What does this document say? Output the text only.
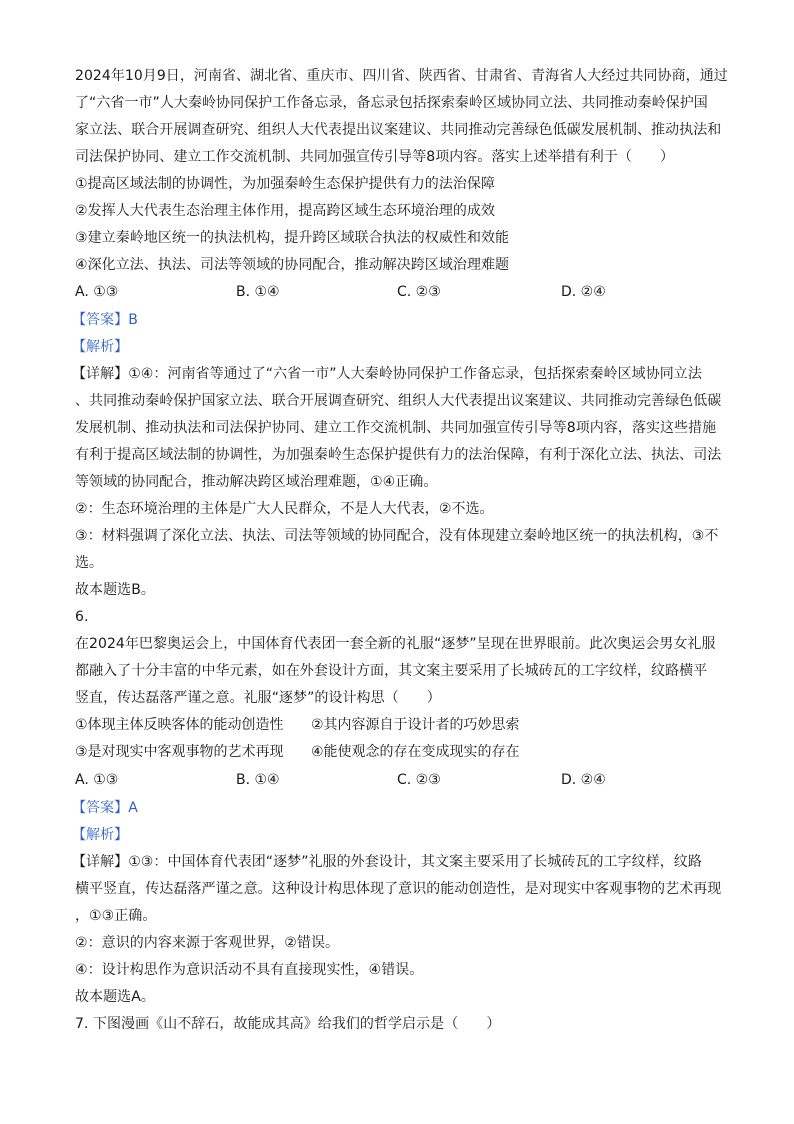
2024年10月9日，河南省、湖北省、重庆市、四川省、陕西省、甘肃省、青海省人大经过共同协商，通过
了“六省一市”人大秦岭协同保护工作备忘录，备忘录包括探索秦岭区域协同立法、共同推动秦岭保护国
家立法、联合开展调查研究、组织人大代表提出议案建议、共同推动完善绿色低碳发展机制、推动执法和
司法保护协同、建立工作交流机制、共同加强宣传引导等8项内容。落实上述举措有利于（　　）
①提高区域法制的协调性，为加强秦岭生态保护提供有力的法治保障
②发挥人大代表生态治理主体作用，提高跨区域生态环境治理的成效
③建立秦岭地区统一的执法机构，提升跨区域联合执法的权威性和效能
④深化立法、执法、司法等领域的协同配合，推动解决跨区域治理难题
A. ①③	B. ①④	C. ②③	D. ②④
【答案】B
【解析】
【详解】①④：河南省等通过了“六省一市”人大秦岭协同保护工作备忘录，包括探索秦岭区域协同立法
、共同推动秦岭保护国家立法、联合开展调查研究、组织人大代表提出议案建议、共同推动完善绿色低碳
发展机制、推动执法和司法保护协同、建立工作交流机制、共同加强宣传引导等8项内容，落实这些措施
有利于提高区域法制的协调性，为加强秦岭生态保护提供有力的法治保障，有利于深化立法、执法、司法
等领域的协同配合，推动解决跨区域治理难题，①④正确。
②：生态环境治理的主体是广大人民群众，不是人大代表，②不选。
③：材料强调了深化立法、执法、司法等领域的协同配合，没有体现建立秦岭地区统一的执法机构，③不
选。
故本题选B。
6.
在2024年巴黎奥运会上，中国体育代表团一套全新的礼服“逐梦”呈现在世界眼前。此次奥运会男女礼服
都融入了十分丰富的中华元素，如在外套设计方面，其文案主要采用了长城砖瓦的工字纹样，纹路横平
竖直，传达磊落严谨之意。礼服“逐梦”的设计构思（　　）
①体现主体反映客体的能动创造性 ②其内容源自于设计者的巧妙思索
③是对现实中客观事物的艺术再现 ④能使观念的存在变成现实的存在
A. ①③	B. ①④	C. ②③	D. ②④
【答案】A
【解析】
【详解】①③：中国体育代表团“逐梦”礼服的外套设计，其文案主要采用了长城砖瓦的工字纹样，纹路
横平竖直，传达磊落严谨之意。这种设计构思体现了意识的能动创造性，是对现实中客观事物的艺术再现
，①③正确。
②：意识的内容来源于客观世界，②错误。
④：设计构思作为意识活动不具有直接现实性，④错误。
故本题选A。
7. 下图漫画《山不辞石，故能成其高》给我们的哲学启示是（　　）
